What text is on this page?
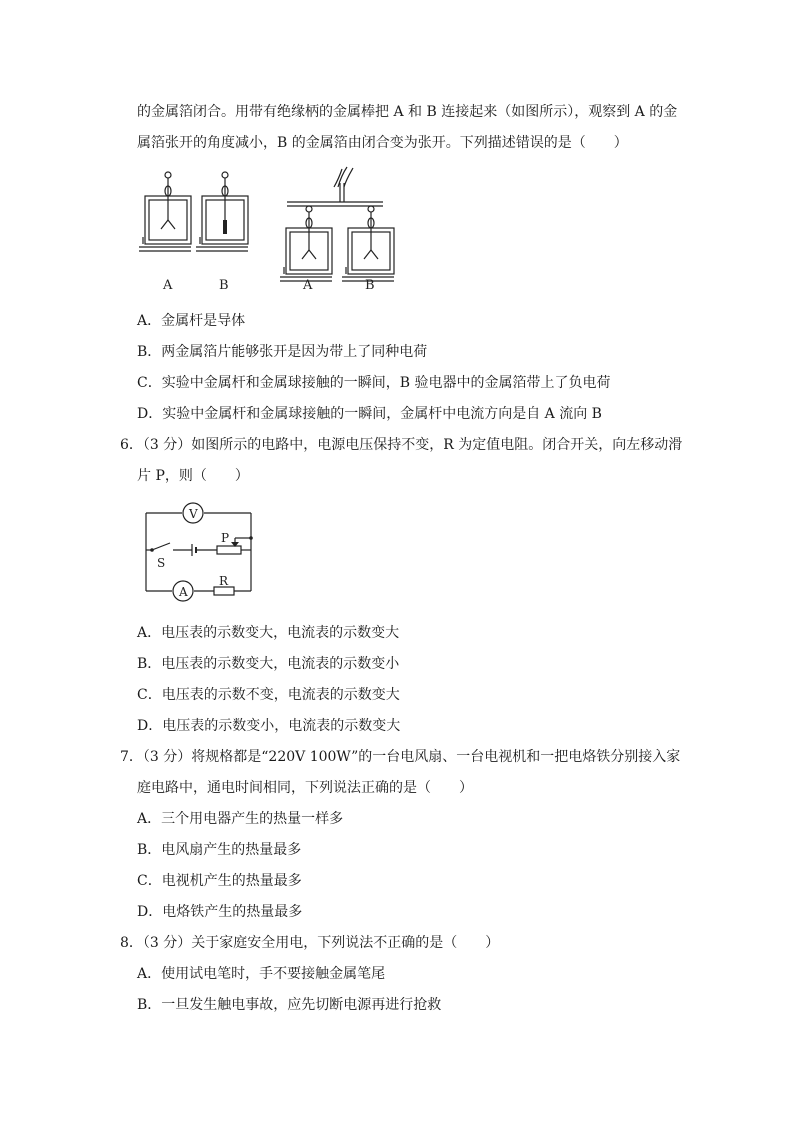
的金属箔闭合。用带有绝缘柄的金属棒把 A 和 B 连接起来（如图所示），观察到 A 的金
属箔张开的角度减小，B 的金属箔由闭合变为张开。下列描述错误的是（　　）
A	B	A	B
A．金属杆是导体
B．两金属箔片能够张开是因为带上了同种电荷
C．实验中金属杆和金属球接触的一瞬间，B 验电器中的金属箔带上了负电荷
D．实验中金属杆和金属球接触的一瞬间，金属杆中电流方向是自 A 流向 B
6．（3 分）如图所示的电路中，电源电压保持不变，R 为定值电阻。闭合开关，向左移动滑
片 P，则（　　）
V
A
S
P
R
A．电压表的示数变大，电流表的示数变大
B．电压表的示数变大，电流表的示数变小
C．电压表的示数不变，电流表的示数变大
D．电压表的示数变小，电流表的示数变大
7．（3 分）将规格都是“220V 100W”的一台电风扇、一台电视机和一把电烙铁分别接入家
庭电路中，通电时间相同，下列说法正确的是（　　）
A．三个用电器产生的热量一样多
B．电风扇产生的热量最多
C．电视机产生的热量最多
D．电烙铁产生的热量最多
8．（3 分）关于家庭安全用电，下列说法不正确的是（　　）
A．使用试电笔时，手不要接触金属笔尾
B．一旦发生触电事故，应先切断电源再进行抢救
